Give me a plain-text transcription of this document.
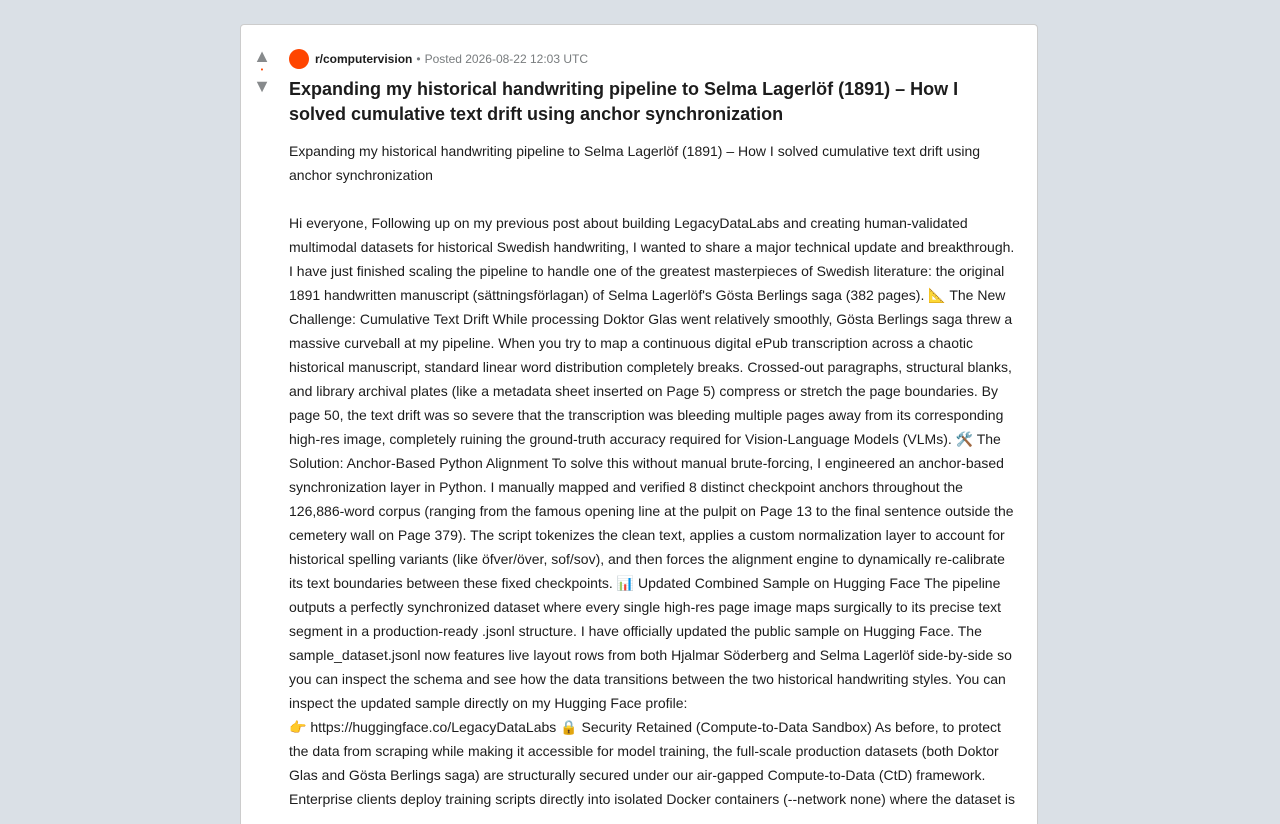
▲
•
▼
r/computervision • Posted 2026-08-22 12:03 UTC
Expanding my historical handwriting pipeline to Selma Lagerlöf (1891) – How I solved cumulative text drift using anchor synchronization

Expanding my historical handwriting pipeline to Selma Lagerlöf (1891) – How I solved cumulative text drift using anchor synchronization

Hi everyone, Following up on my previous post about building LegacyDataLabs and creating human-validated multimodal datasets for historical Swedish handwriting, I wanted to share a major technical update and breakthrough. I have just finished scaling the pipeline to handle one of the greatest masterpieces of Swedish literature: the original 1891 handwritten manuscript (sättningsförlagan) of Selma Lagerlöf's Gösta Berlings saga (382 pages). 📐 The New Challenge: Cumulative Text Drift While processing Doktor Glas went relatively smoothly, Gösta Berlings saga threw a massive curveball at my pipeline. When you try to map a continuous digital ePub transcription across a chaotic historical manuscript, standard linear word distribution completely breaks. Crossed-out paragraphs, structural blanks, and library archival plates (like a metadata sheet inserted on Page 5) compress or stretch the page boundaries. By page 50, the text drift was so severe that the transcription was bleeding multiple pages away from its corresponding high-res image, completely ruining the ground-truth accuracy required for Vision-Language Models (VLMs). 🛠️ The Solution: Anchor-Based Python Alignment To solve this without manual brute-forcing, I engineered an anchor-based synchronization layer in Python. I manually mapped and verified 8 distinct checkpoint anchors throughout the 126,886-word corpus (ranging from the famous opening line at the pulpit on Page 13 to the final sentence outside the cemetery wall on Page 379). The script tokenizes the clean text, applies a custom normalization layer to account for historical spelling variants (like öfver/över, sof/sov), and then forces the alignment engine to dynamically re-calibrate its text boundaries between these fixed checkpoints. 📊 Updated Combined Sample on Hugging Face The pipeline outputs a perfectly synchronized dataset where every single high-res page image maps surgically to its precise text segment in a production-ready .jsonl structure. I have officially updated the public sample on Hugging Face. The sample_dataset.jsonl now features live layout rows from both Hjalmar Söderberg and Selma Lagerlöf side-by-side so you can inspect the schema and see how the data transitions between the two historical handwriting styles. You can inspect the updated sample directly on my Hugging Face profile:

👉 https://huggingface.co/LegacyDataLabs 🔒 Security Retained (Compute-to-Data Sandbox) As before, to protect the data from scraping while making it accessible for model training, the full-scale production datasets (both Doktor Glas and Gösta Berlings saga) are structurally secured under our air-gapped Compute-to-Data (CtD) framework. Enterprise clients deploy training scripts directly into isolated Docker containers (--network none) where the dataset is
